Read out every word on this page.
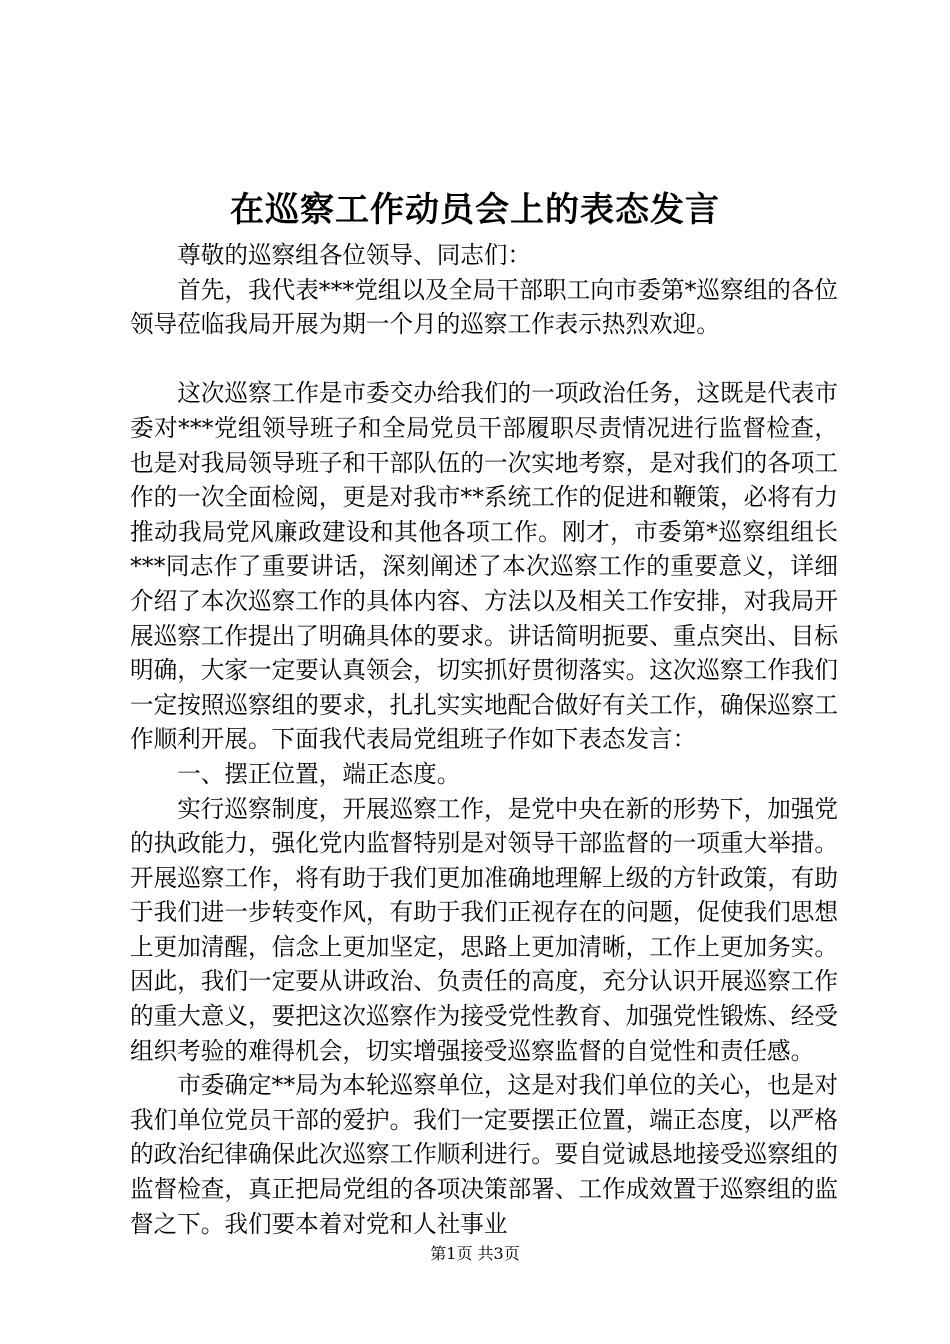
在巡察工作动员会上的表态发言

尊敬的巡察组各位领导、同志们：

首先，我代表***党组以及全局干部职工向市委第*巡察组的各位领导莅临我局开展为期一个月的巡察工作表示热烈欢迎。

这次巡察工作是市委交办给我们的一项政治任务，这既是代表市委对***党组领导班子和全局党员干部履职尽责情况进行监督检查，也是对我局领导班子和干部队伍的一次实地考察，是对我们的各项工作的一次全面检阅，更是对我市**系统工作的促进和鞭策，必将有力推动我局党风廉政建设和其他各项工作。刚才，市委第*巡察组组长***同志作了重要讲话，深刻阐述了本次巡察工作的重要意义，详细介绍了本次巡察工作的具体内容、方法以及相关工作安排，对我局开展巡察工作提出了明确具体的要求。讲话简明扼要、重点突出、目标明确，大家一定要认真领会，切实抓好贯彻落实。这次巡察工作我们一定按照巡察组的要求，扎扎实实地配合做好有关工作，确保巡察工作顺利开展。下面我代表局党组班子作如下表态发言：

一、摆正位置，端正态度。

实行巡察制度，开展巡察工作，是党中央在新的形势下，加强党的执政能力，强化党内监督特别是对领导干部监督的一项重大举措。开展巡察工作，将有助于我们更加准确地理解上级的方针政策，有助于我们进一步转变作风，有助于我们正视存在的问题，促使我们思想上更加清醒，信念上更加坚定，思路上更加清晰，工作上更加务实。因此，我们一定要从讲政治、负责任的高度，充分认识开展巡察工作的重大意义，要把这次巡察作为接受党性教育、加强党性锻炼、经受组织考验的难得机会，切实增强接受巡察监督的自觉性和责任感。

市委确定**局为本轮巡察单位，这是对我们单位的关心，也是对我们单位党员干部的爱护。我们一定要摆正位置，端正态度，以严格的政治纪律确保此次巡察工作顺利进行。要自觉诚恳地接受巡察组的监督检查，真正把局党组的各项决策部署、工作成效置于巡察组的监督之下。我们要本着对党和人社事业

第1页 共3页
